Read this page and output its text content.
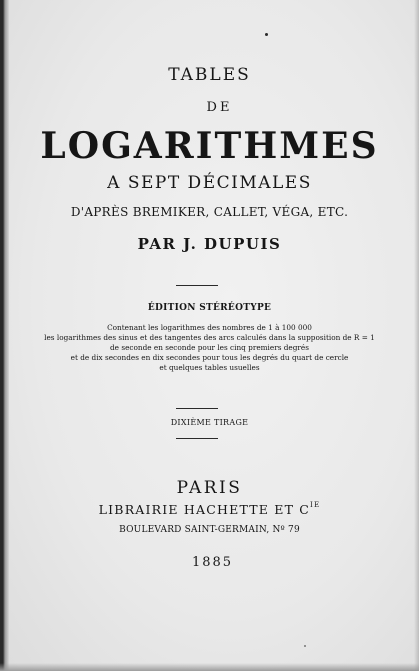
TABLES
DE
LOGARITHMES
A SEPT DÉCIMALES
D'APRÈS BREMIKER, CALLET, VÉGA, ETC.
PAR J. DUPUIS
ÉDITION STÉRÉOTYPE
Contenant les logarithmes des nombres de 1 à 100 000
les logarithmes des sinus et des tangentes des arcs calculés dans la supposition de R = 1
de seconde en seconde pour les cinq premiers degrés
et de dix secondes en dix secondes pour tous les degrés du quart de cercle
et quelques tables usuelles
DIXIÈME TIRAGE
PARIS
LIBRAIRIE HACHETTE ET $C^{IE}$
BOULEVARD SAINT-GERMAIN, Nº 79
1885
